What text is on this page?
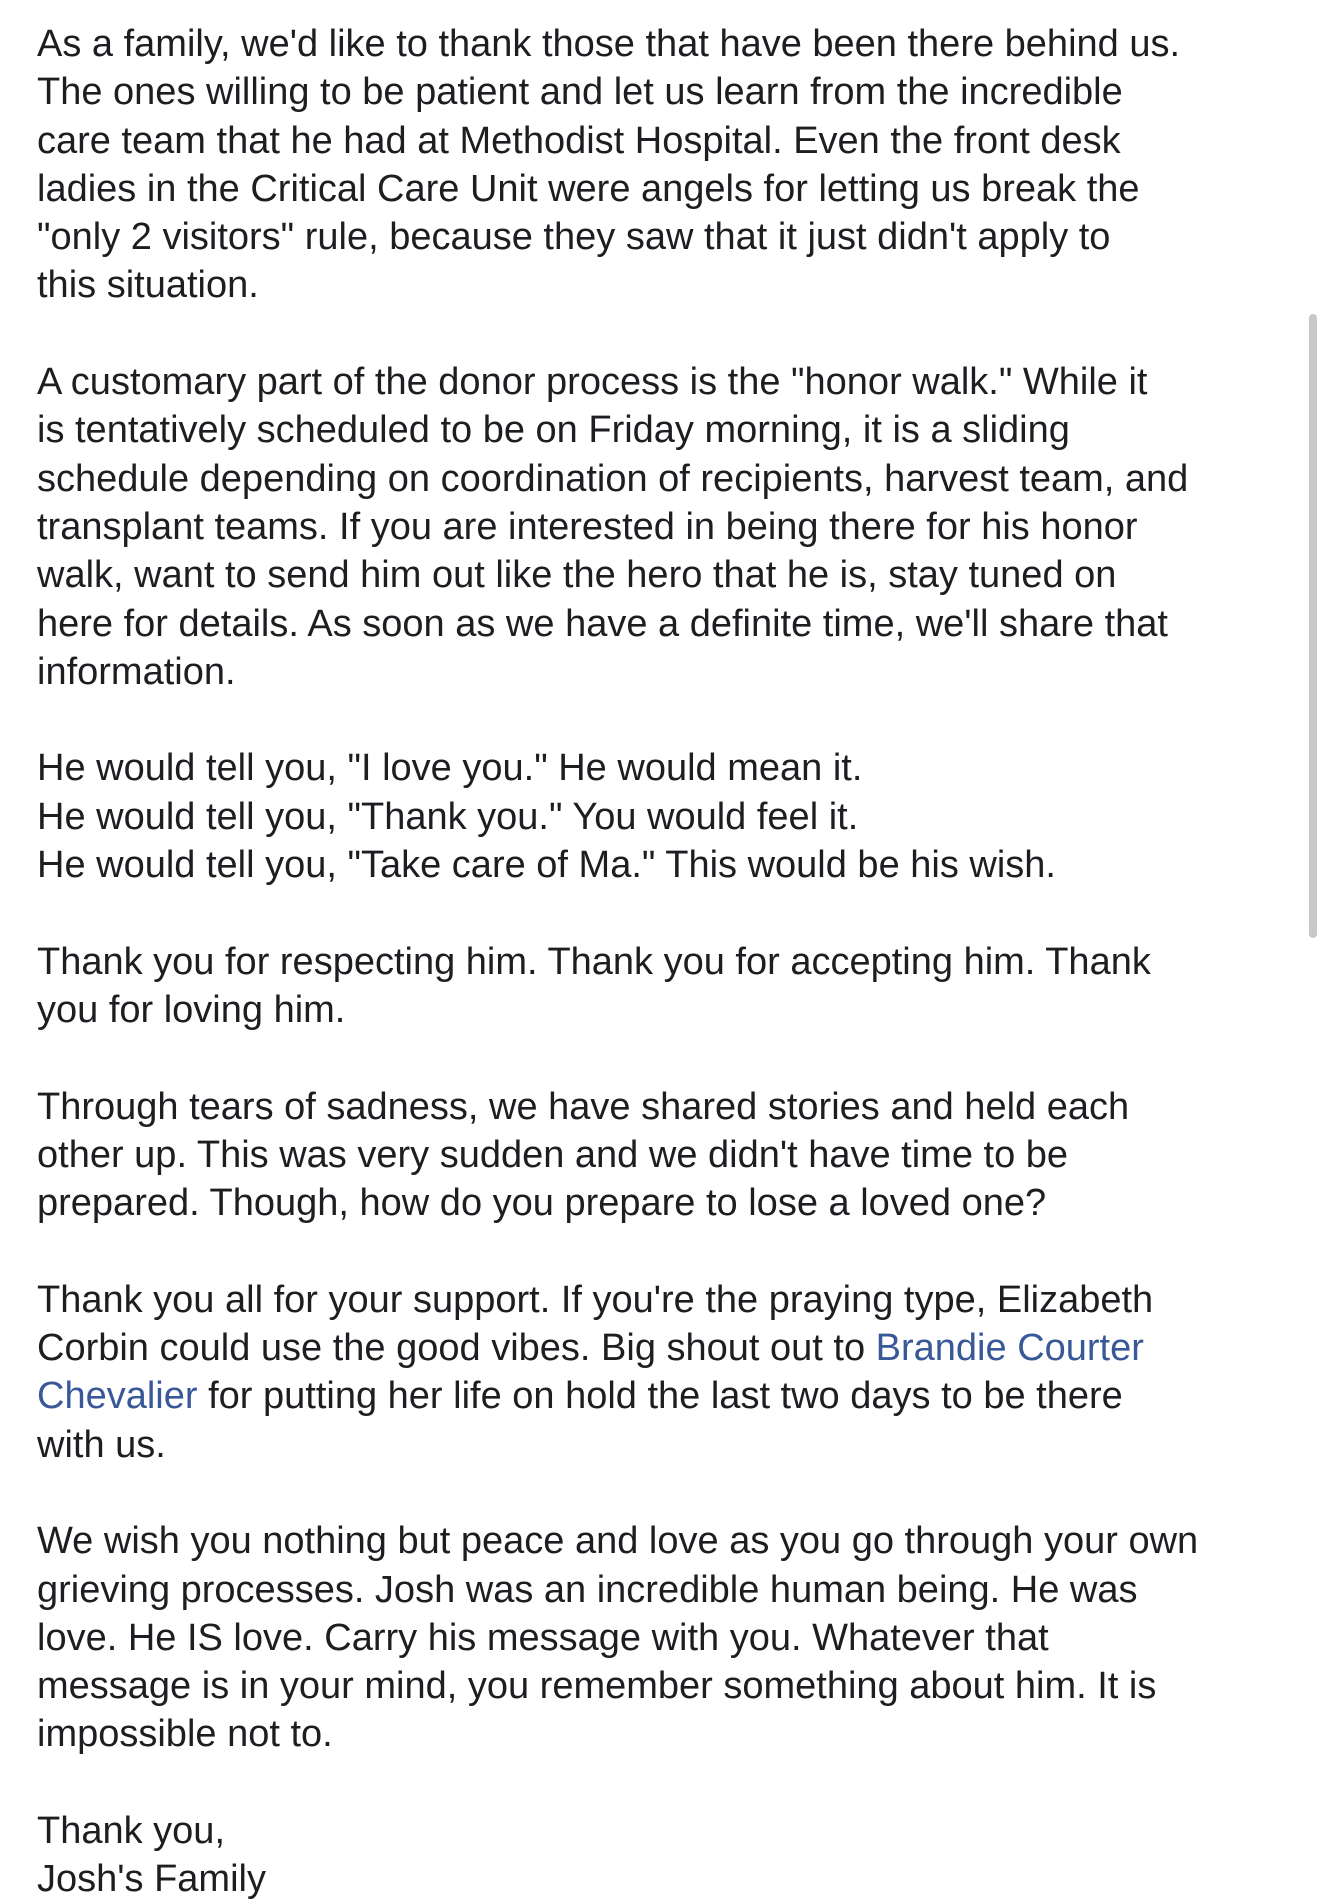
As a family, we'd like to thank those that have been there behind us.
The ones willing to be patient and let us learn from the incredible
care team that he had at Methodist Hospital. Even the front desk
ladies in the Critical Care Unit were angels for letting us break the
"only 2 visitors" rule, because they saw that it just didn't apply to
this situation.

A customary part of the donor process is the "honor walk." While it
is tentatively scheduled to be on Friday morning, it is a sliding
schedule depending on coordination of recipients, harvest team, and
transplant teams. If you are interested in being there for his honor
walk, want to send him out like the hero that he is, stay tuned on
here for details. As soon as we have a definite time, we'll share that
information.

He would tell you, "I love you." He would mean it.
He would tell you, "Thank you." You would feel it.
He would tell you, "Take care of Ma." This would be his wish.

Thank you for respecting him. Thank you for accepting him. Thank
you for loving him.

Through tears of sadness, we have shared stories and held each
other up. This was very sudden and we didn't have time to be
prepared. Though, how do you prepare to lose a loved one?

Thank you all for your support. If you're the praying type, Elizabeth
Corbin could use the good vibes. Big shout out to Brandie Courter
Chevalier for putting her life on hold the last two days to be there
with us.

We wish you nothing but peace and love as you go through your own
grieving processes. Josh was an incredible human being. He was
love. He IS love. Carry his message with you. Whatever that
message is in your mind, you remember something about him. It is
impossible not to.

Thank you,
Josh's Family
